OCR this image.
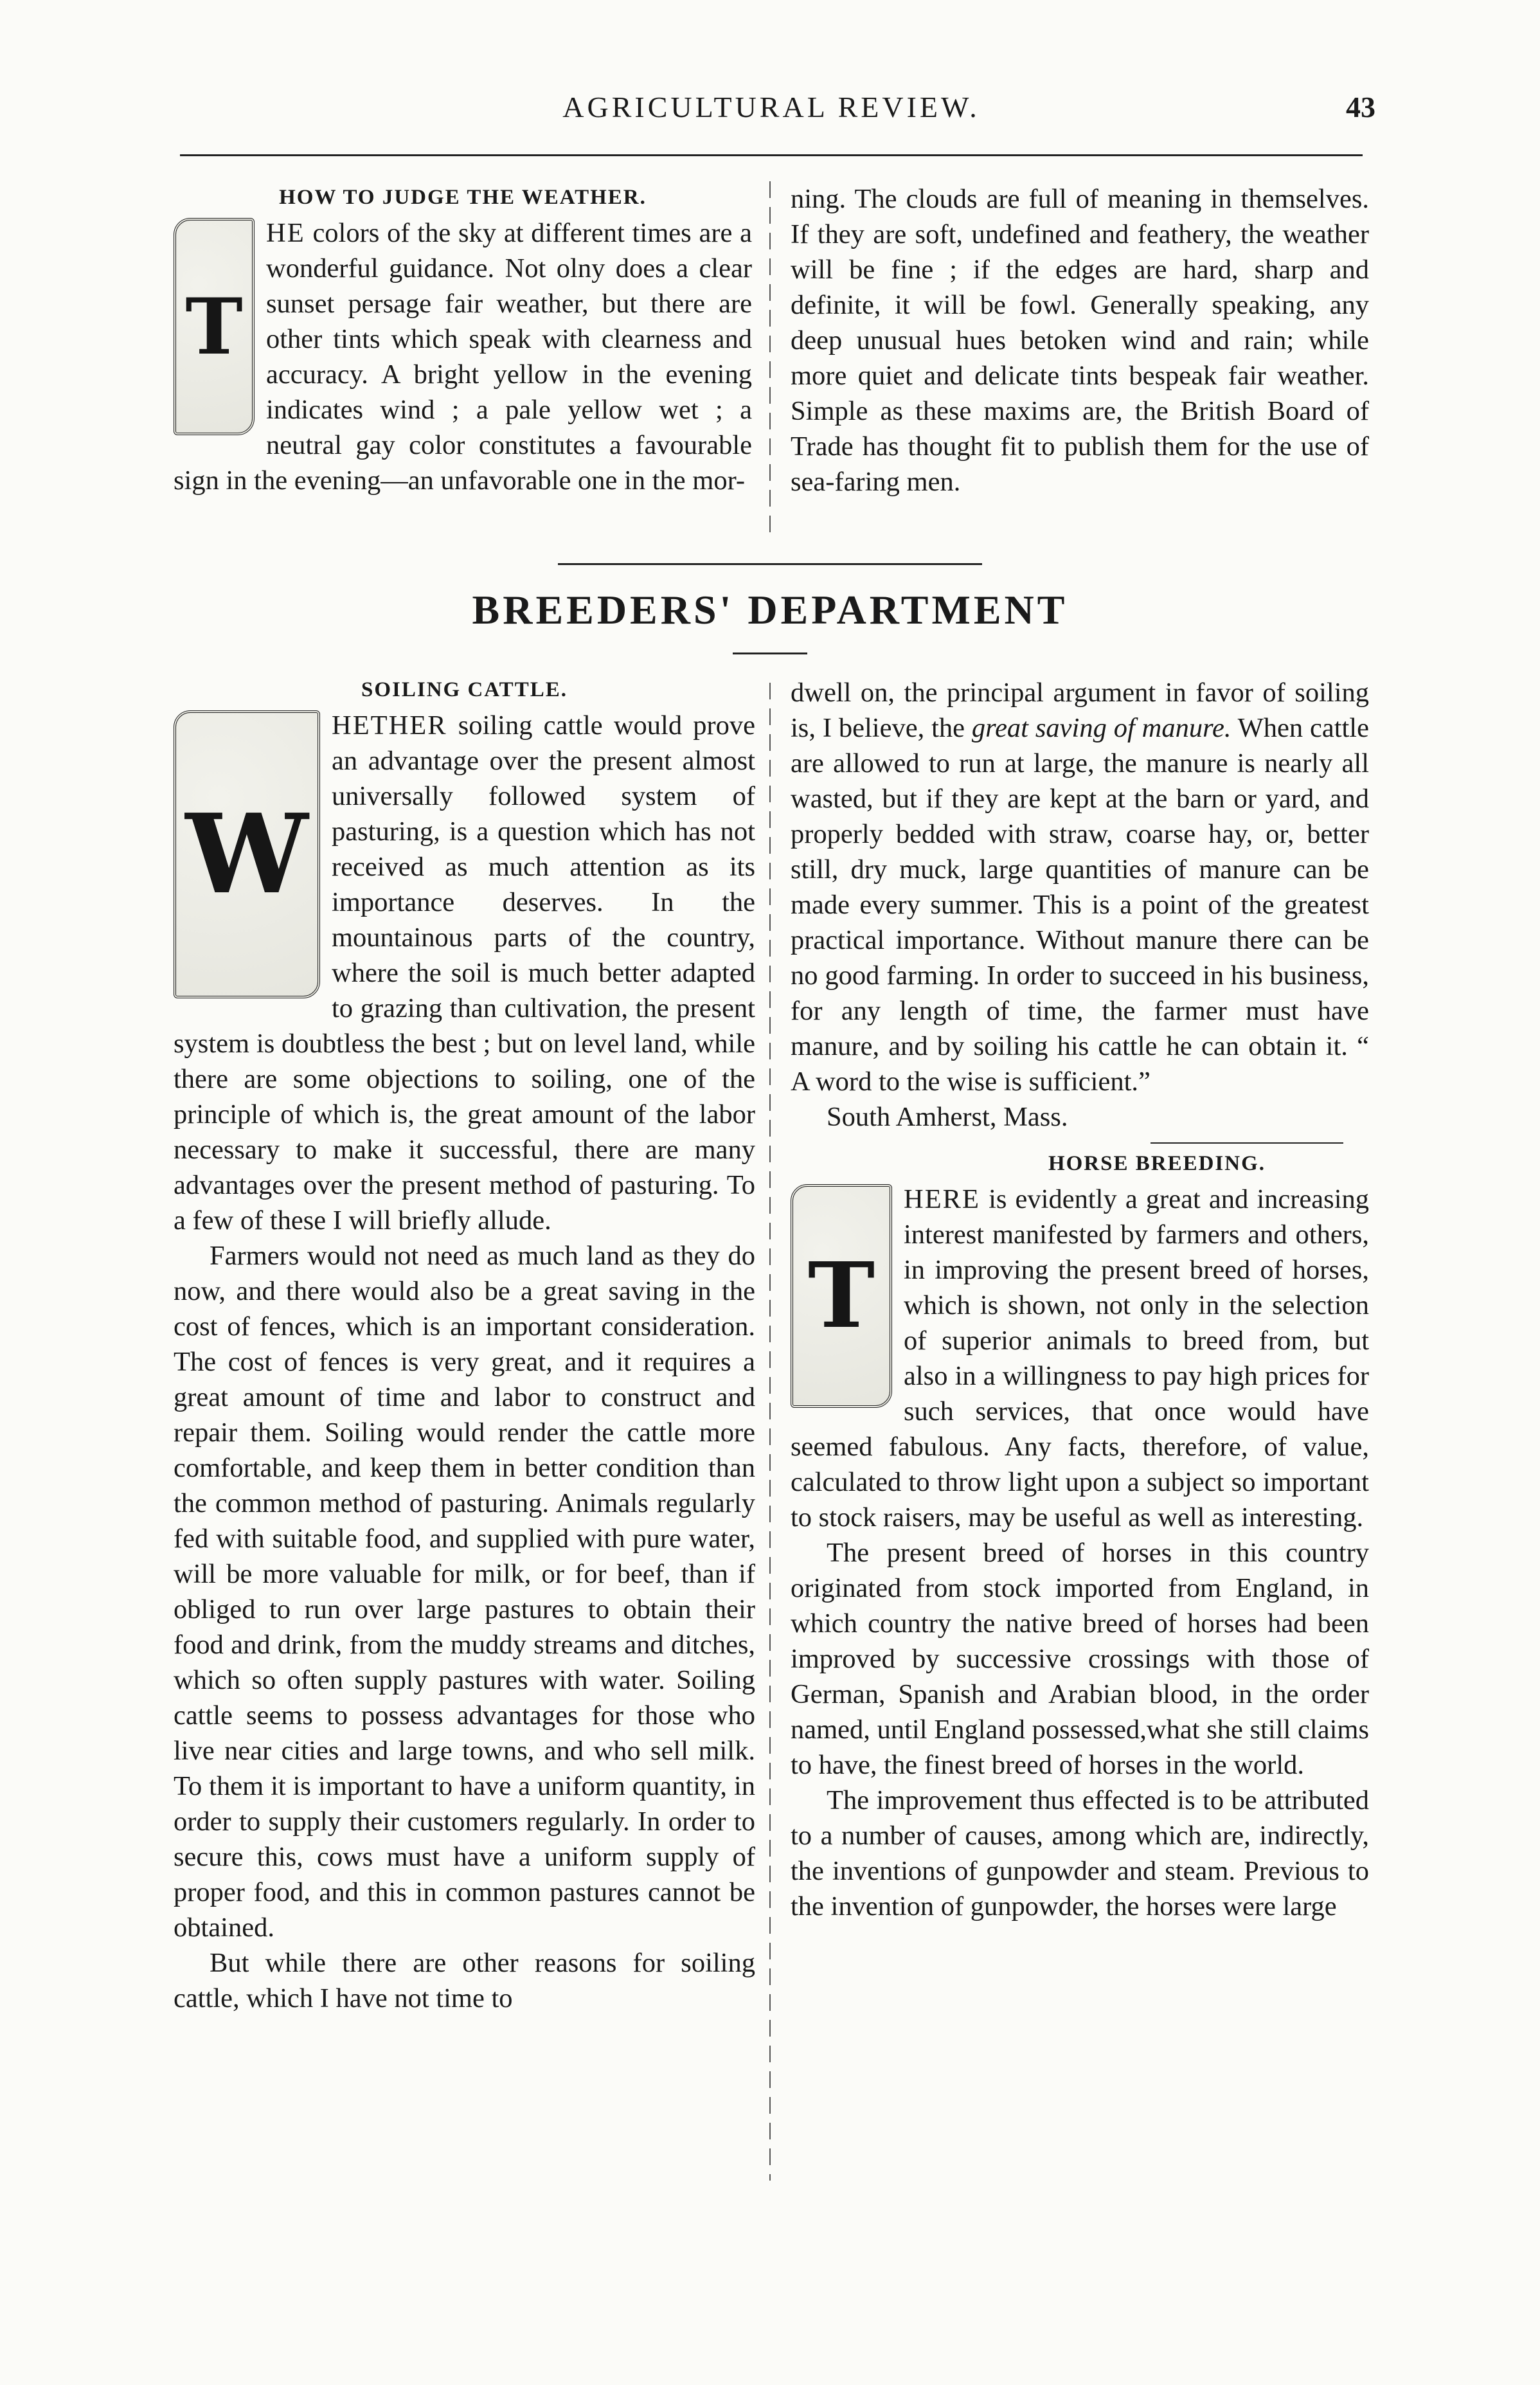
AGRICULTURAL REVIEW.	43
HOW TO JUDGE THE WEATHER.

T
HE colors of the sky at different times are a wonderful guidance. Not olny does a clear sunset persage fair weather, but there are other tints which speak with clearness and accuracy. A bright yellow in the evening indicates wind ; a pale yellow wet ; a neutral gay color constitutes a favourable sign in the evening—an unfavorable one in the mor-

ning. The clouds are full of meaning in themselves. If they are soft, undefined and feathery, the weather will be fine ; if the edges are hard, sharp and definite, it will be fowl. Generally speaking, any deep unusual hues betoken wind and rain; while more quiet and delicate tints bespeak fair weather. Simple as these maxims are, the British Board of Trade has thought fit to publish them for the use of sea-faring men.

BREEDERS' DEPARTMENT
SOILING CATTLE.

W
HETHER soiling cattle would prove an advantage over the present almost universally followed system of pasturing, is a question which has not received as much attention as its importance deserves. In the mountainous parts of the country, where the soil is much better adapted to grazing than cultivation, the present system is doubtless the best ; but on level land, while there are some objections to soiling, one of the principle of which is, the great amount of the labor necessary to make it successful, there are many advantages over the present method of pasturing. To a few of these I will briefly allude.

Farmers would not need as much land as they do now, and there would also be a great saving in the cost of fences, which is an important consideration. The cost of fences is very great, and it requires a great amount of time and labor to construct and repair them. Soiling would render the cattle more comfortable, and keep them in better condition than the common method of pasturing. Animals regularly fed with suitable food, and supplied with pure water, will be more valuable for milk, or for beef, than if obliged to run over large pastures to obtain their food and drink, from the muddy streams and ditches, which so often supply pastures with water. Soiling cattle seems to possess advantages for those who live near cities and large towns, and who sell milk. To them it is important to have a uniform quantity, in order to supply their customers regularly. In order to secure this, cows must have a uniform supply of proper food, and this in common pastures cannot be obtained.

But while there are other reasons for soiling cattle, which I have not time to

dwell on, the principal argument in favor of soiling is, I believe, the great saving of manure. When cattle are allowed to run at large, the manure is nearly all wasted, but if they are kept at the barn or yard, and properly bedded with straw, coarse hay, or, better still, dry muck, large quantities of manure can be made every summer. This is a point of the greatest practical importance. Without manure there can be no good farming. In order to succeed in his business, for any length of time, the farmer must have manure, and by soiling his cattle he can obtain it. “ A word to the wise is sufficient.”

South Amherst, Mass.

HORSE BREEDING.

T
HERE is evidently a great and increasing interest manifested by farmers and others, in improving the present breed of horses, which is shown, not only in the selection of superior animals to breed from, but also in a willingness to pay high prices for such services, that once would have seemed fabulous. Any facts, therefore, of value, calculated to throw light upon a subject so important to stock raisers, may be useful as well as interesting.

The present breed of horses in this country originated from stock imported from England, in which country the native breed of horses had been improved by successive crossings with those of German, Spanish and Arabian blood, in the order named, until England possessed,what she still claims to have, the finest breed of horses in the world.

The improvement thus effected is to be attributed to a number of causes, among which are, indirectly, the inventions of gunpowder and steam. Previous to the invention of gunpowder, the horses were large
